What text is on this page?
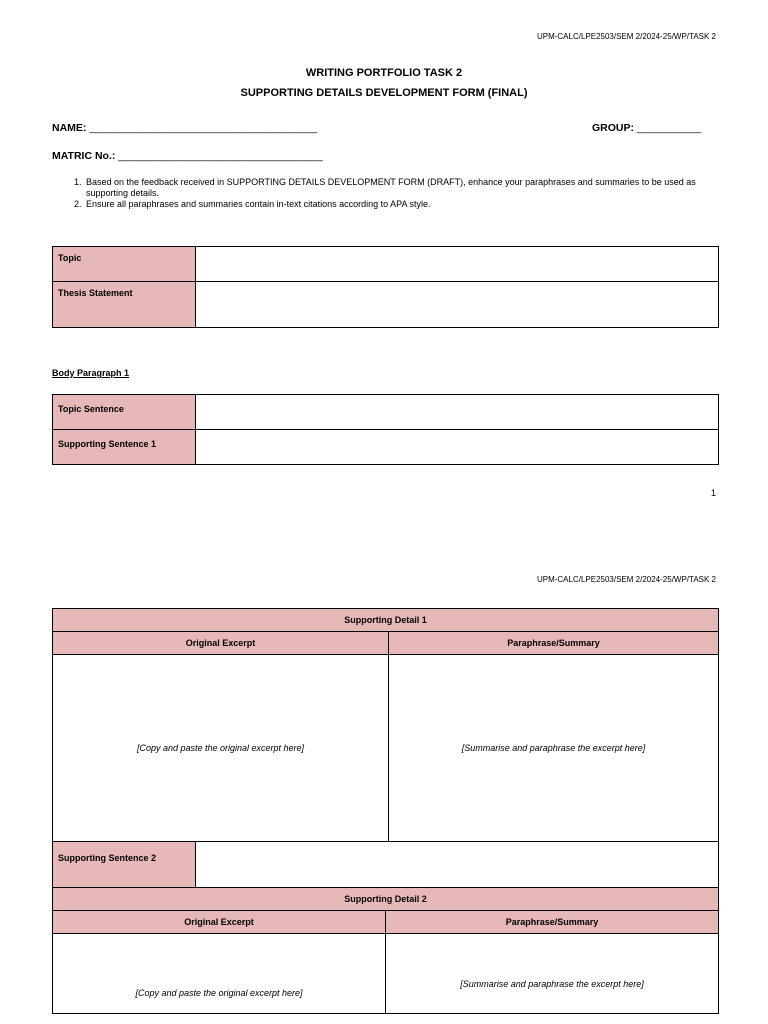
UPM-CALC/LPE2503/SEM 2/2024-25/WP/TASK 2
WRITING PORTFOLIO TASK 2
SUPPORTING DETAILS DEVELOPMENT FORM (FINAL)
NAME: _______________________________________	GROUP: ___________
MATRIC No.: ___________________________________
1. Based on the feedback received in SUPPORTING DETAILS DEVELOPMENT FORM (DRAFT), enhance your paraphrases and summaries to be used as supporting details.
2. Ensure all paraphrases and summaries contain in-text citations according to APA style.
Topic	
Thesis Statement	
Body Paragraph 1
Topic Sentence	
Supporting Sentence 1	
1
UPM-CALC/LPE2503/SEM 2/2024-25/WP/TASK 2
Supporting Detail 1	
Original Excerpt	Paraphrase/Summary
[Copy and paste the original excerpt here]	[Summarise and paraphrase the excerpt here]
Supporting Sentence 2	
Supporting Detail 2	
Original Excerpt	Paraphrase/Summary
[Copy and paste the original excerpt here]	[Summarise and paraphrase the excerpt here]
